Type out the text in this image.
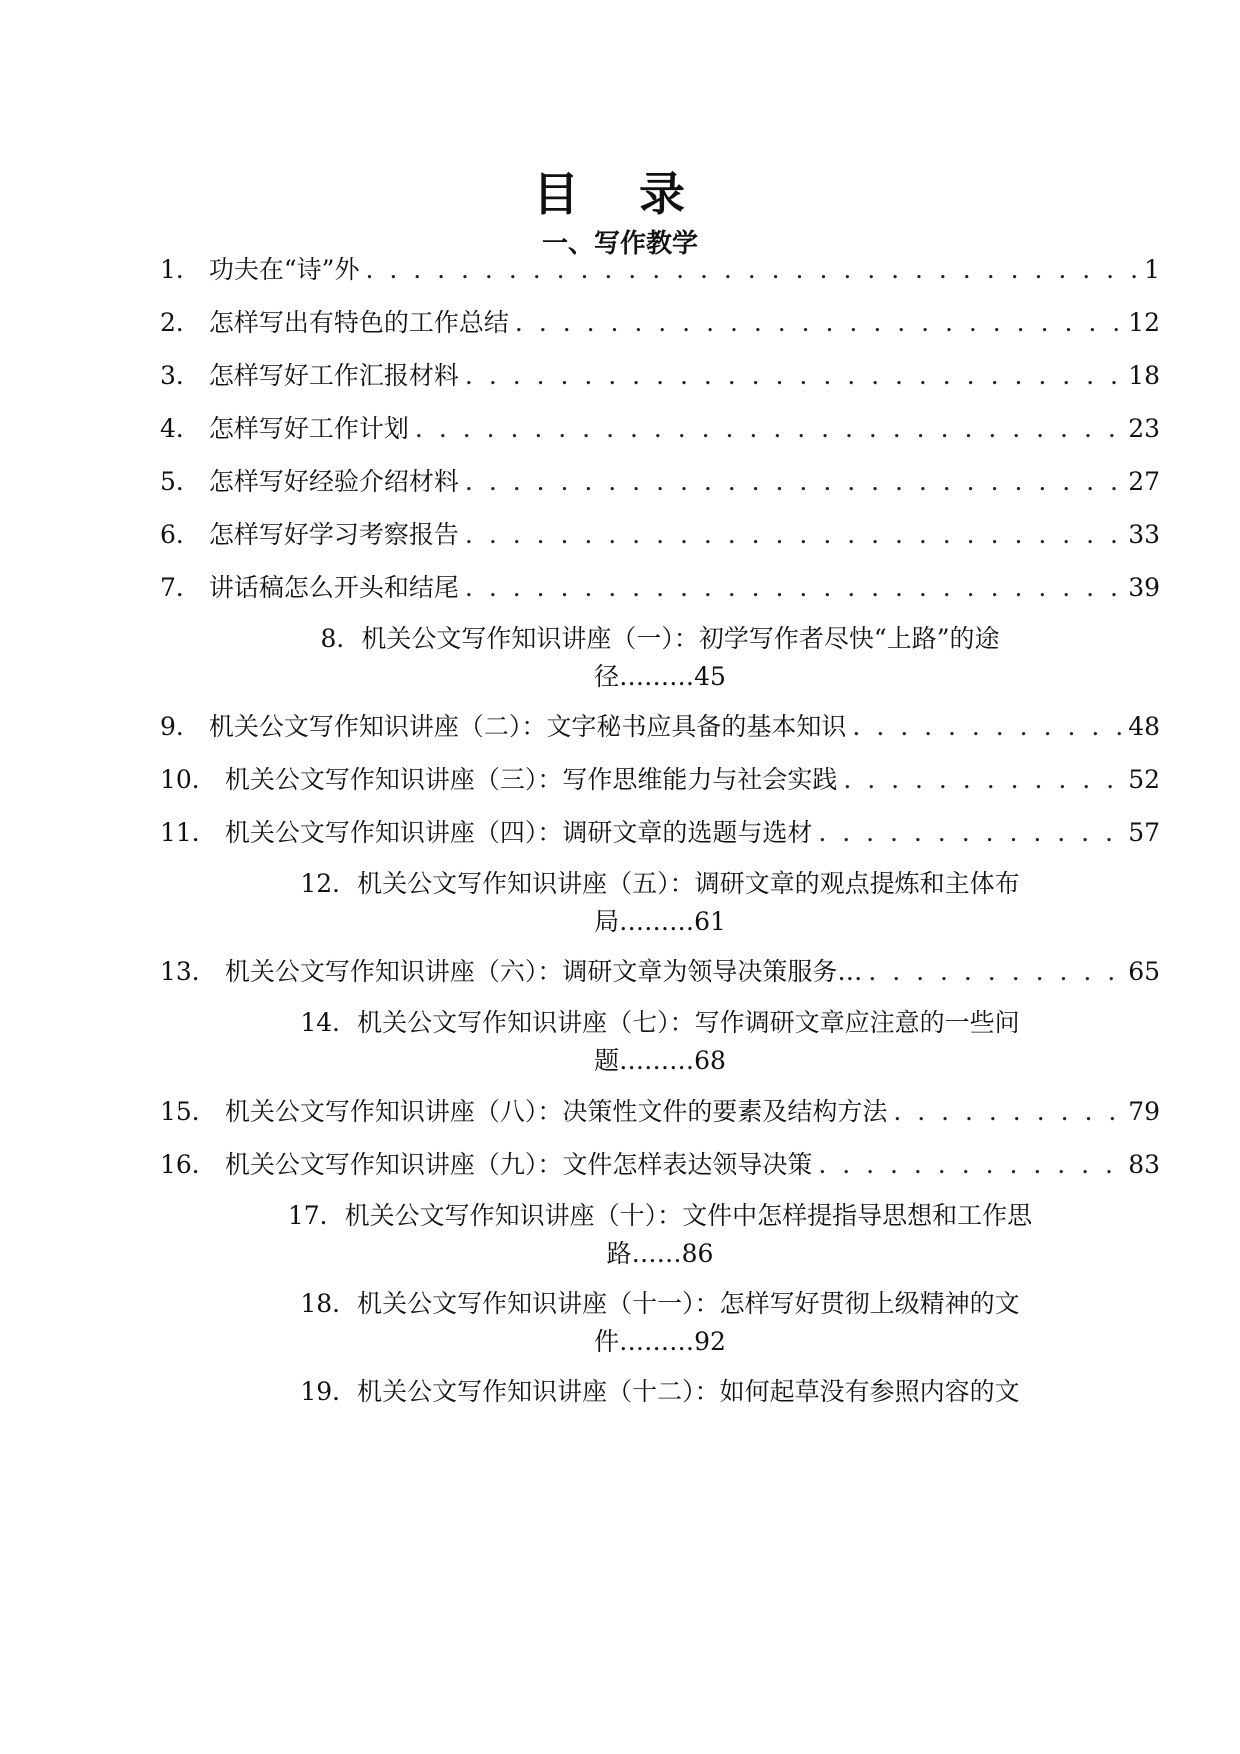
目 录
一、写作教学
1． 功夫在“诗”外 . . .	1
2． 怎样写出有特色的工作总结 . . .	12
3． 怎样写好工作汇报材料 . . .	18
4． 怎样写好工作计划 . . .	23
5． 怎样写好经验介绍材料 . . .	27
6． 怎样写好学习考察报告 . . .	33
7． 讲话稿怎么开头和结尾 . . .	39
8．机关公文写作知识讲座（一）：初学写作者尽快“上路”的途
径………45
9． 机关公文写作知识讲座（二）：文字秘书应具备的基本知识 . . .	48
10． 机关公文写作知识讲座（三）：写作思维能力与社会实践 . . .	52
11． 机关公文写作知识讲座（四）：调研文章的选题与选材 . . .	57
12．机关公文写作知识讲座（五）：调研文章的观点提炼和主体布
局………61
13． 机关公文写作知识讲座（六）：调研文章为领导决策服务… . . .	65
14．机关公文写作知识讲座（七）：写作调研文章应注意的一些问
题………68
15． 机关公文写作知识讲座（八）：决策性文件的要素及结构方法 . . .	79
16． 机关公文写作知识讲座（九）：文件怎样表达领导决策 . . .	83
17．机关公文写作知识讲座（十）：文件中怎样提指导思想和工作思
路……86
18．机关公文写作知识讲座（十一）：怎样写好贯彻上级精神的文
件………92
19．机关公文写作知识讲座（十二）：如何起草没有参照内容的文
